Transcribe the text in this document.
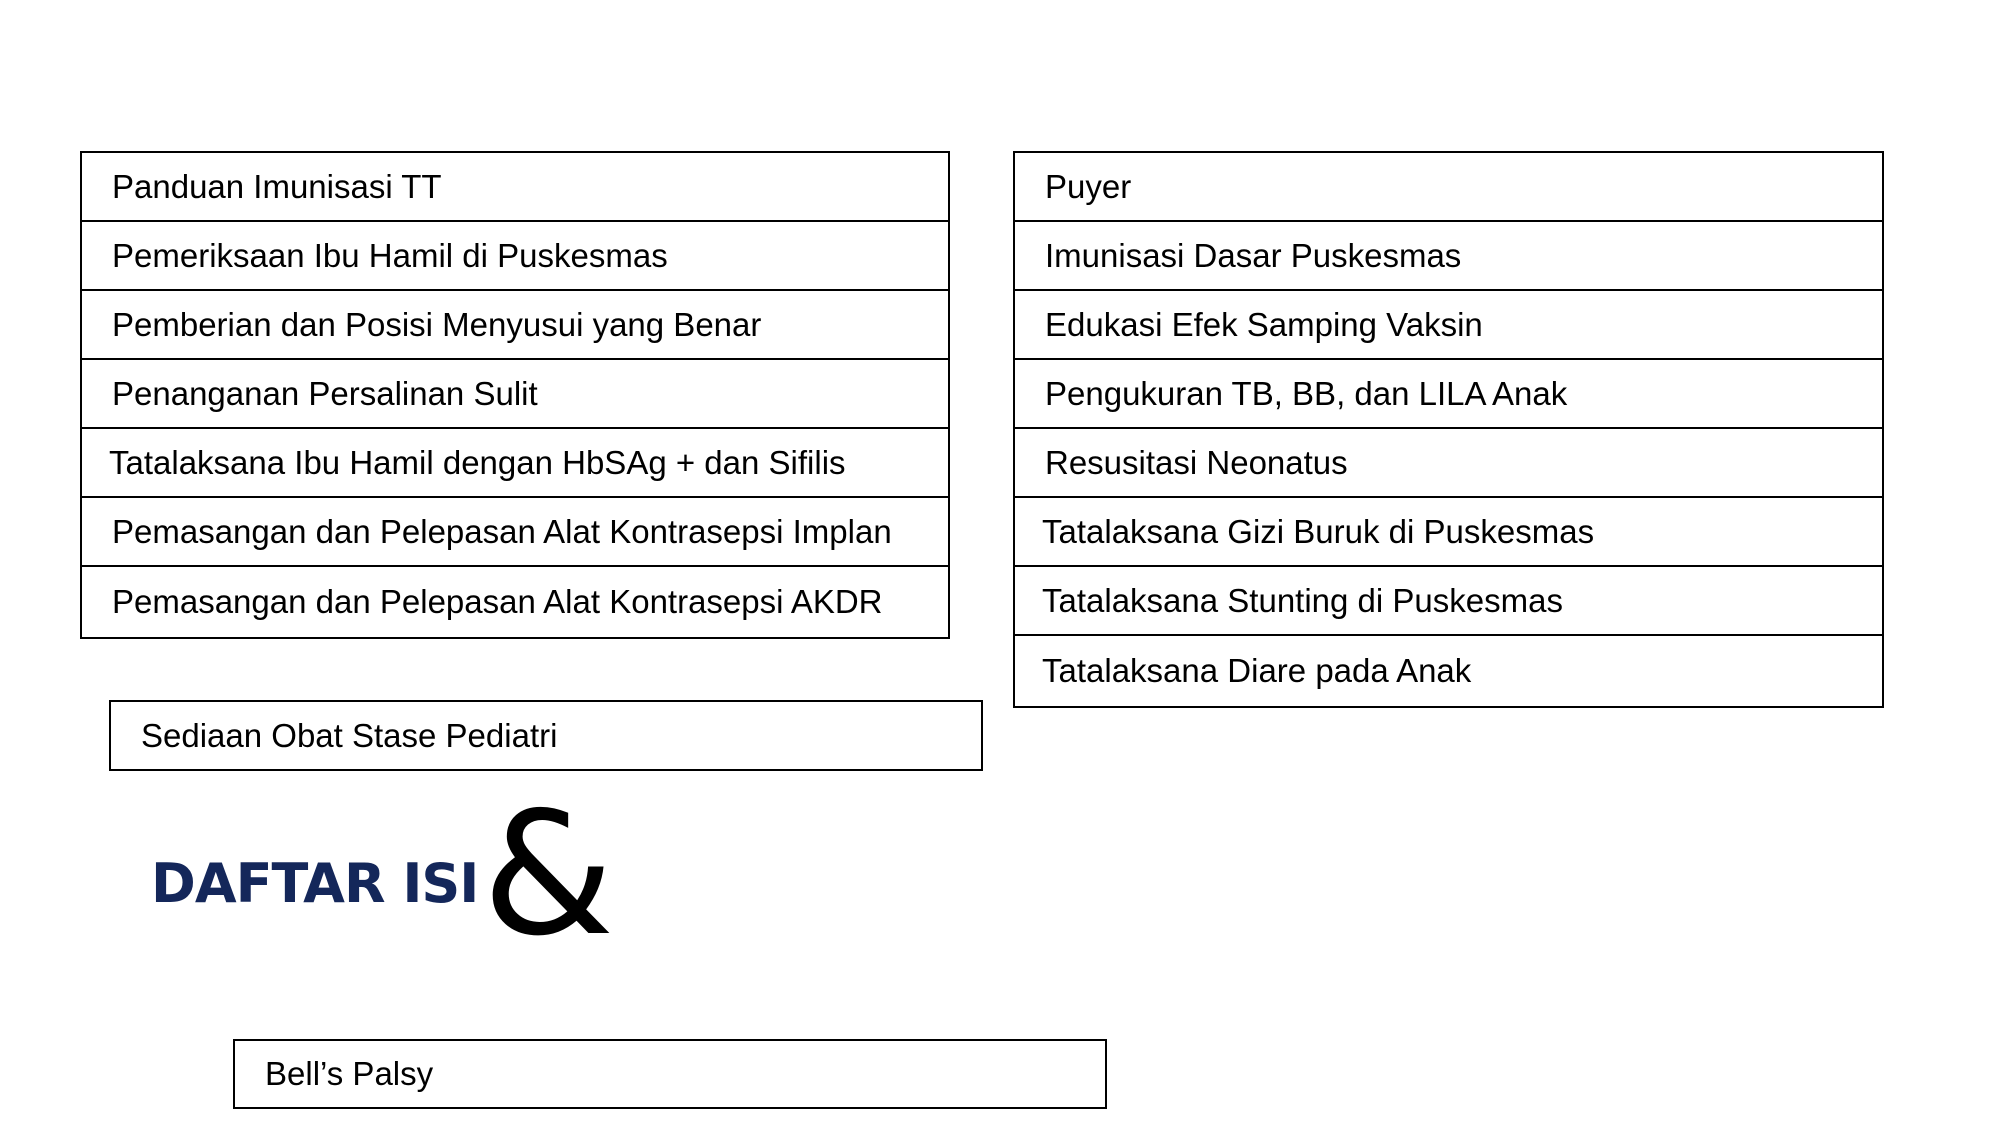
Panduan Imunisasi TT
Pemeriksaan Ibu Hamil di Puskesmas
Pemberian dan Posisi Menyusui yang Benar
Penanganan Persalinan Sulit
Tatalaksana Ibu Hamil dengan HbSAg + dan Sifilis
Pemasangan dan Pelepasan Alat Kontrasepsi Implan
Pemasangan dan Pelepasan Alat Kontrasepsi AKDR
Puyer
Imunisasi Dasar Puskesmas
Edukasi Efek Samping Vaksin
Pengukuran TB, BB, dan LILA Anak
Resusitasi Neonatus
Tatalaksana Gizi Buruk di Puskesmas
Tatalaksana Stunting di Puskesmas
Tatalaksana Diare pada Anak
Sediaan Obat Stase Pediatri
DAFTAR ISI &
Bell’s Palsy
